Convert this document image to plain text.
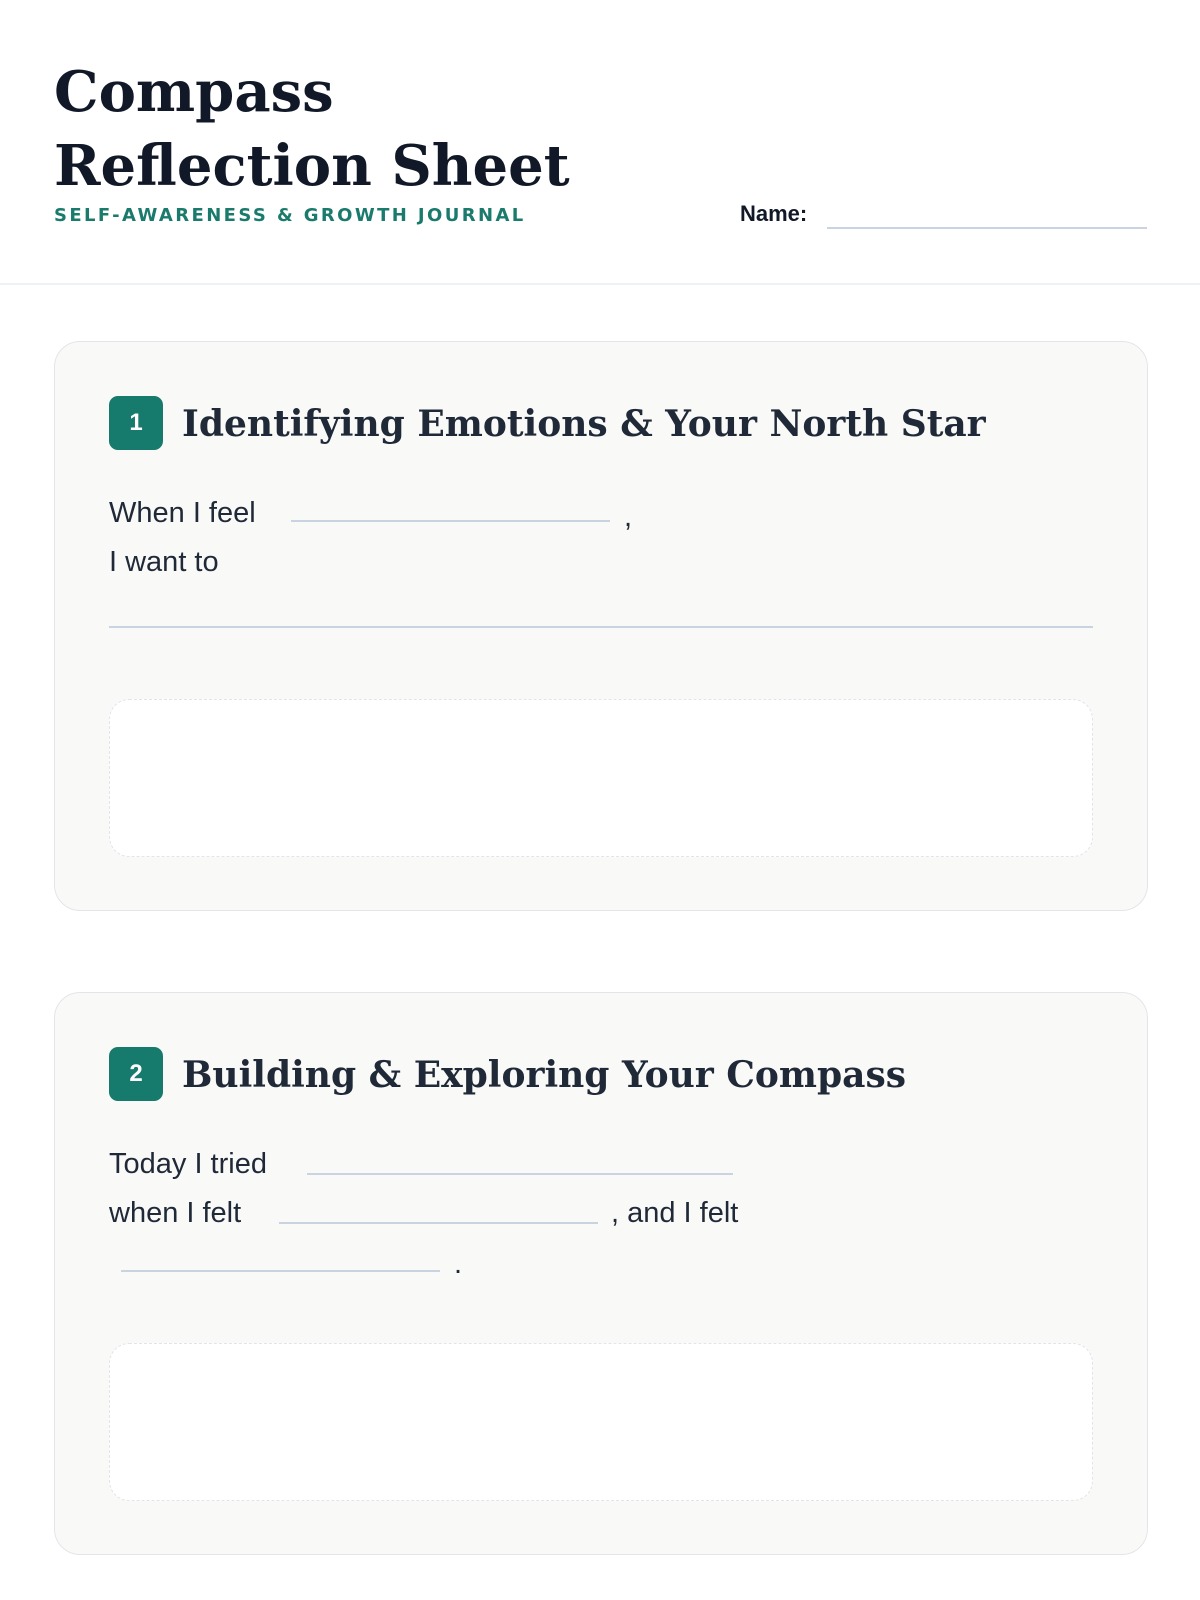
Compass Reflection Sheet
SELF-AWARENESS & GROWTH JOURNAL	Name:
1	Identifying Emotions & Your North Star
When I feel	,
I want to
2	Building & Exploring Your Compass
Today I tried
when I felt	, and I felt
.
